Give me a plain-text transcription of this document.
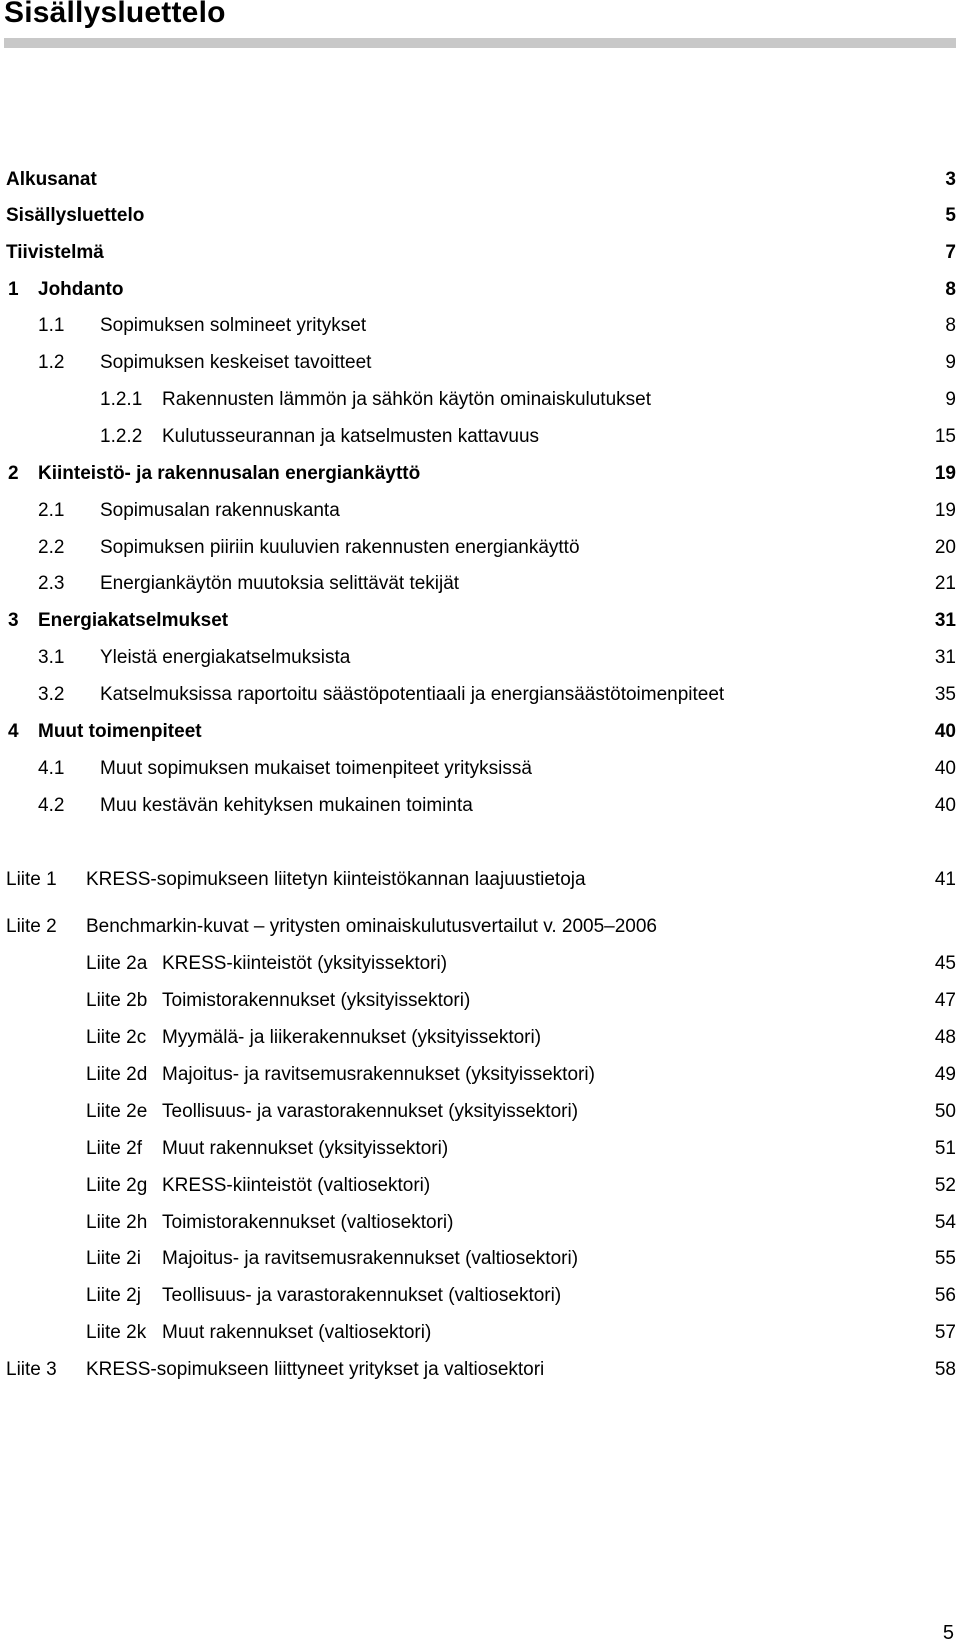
Sisällysluettelo
Alkusanat	3
Sisällysluettelo	5
Tiivistelmä	7
1 Johdanto	8
1.1 Sopimuksen solmineet yritykset	8
1.2 Sopimuksen keskeiset tavoitteet	9
1.2.1 Rakennusten lämmön ja sähkön käytön ominaiskulutukset	9
1.2.2 Kulutusseurannan ja katselmusten kattavuus	15
2 Kiinteistö- ja rakennusalan energiankäyttö	19
2.1 Sopimusalan rakennuskanta	19
2.2 Sopimuksen piiriin kuuluvien rakennusten energiankäyttö	20
2.3 Energiankäytön muutoksia selittävät tekijät	21
3 Energiakatselmukset	31
3.1 Yleistä energiakatselmuksista	31
3.2 Katselmuksissa raportoitu säästöpotentiaali ja energiansäästötoimenpiteet	35
4 Muut toimenpiteet	40
4.1 Muut sopimuksen mukaiset toimenpiteet yrityksissä	40
4.2 Muu kestävän kehityksen mukainen toiminta	40
Liite 1 KRESS-sopimukseen liitetyn kiinteistökannan laajuustietoja	41
Liite 2 Benchmarkin-kuvat – yritysten ominaiskulutusvertailut v. 2005–2006
Liite 2a KRESS-kiinteistöt (yksityissektori)	45
Liite 2b Toimistorakennukset (yksityissektori)	47
Liite 2c Myymälä- ja liikerakennukset (yksityissektori)	48
Liite 2d Majoitus- ja ravitsemusrakennukset (yksityissektori)	49
Liite 2e Teollisuus- ja varastorakennukset (yksityissektori)	50
Liite 2f Muut rakennukset (yksityissektori)	51
Liite 2g KRESS-kiinteistöt (valtiosektori)	52
Liite 2h Toimistorakennukset (valtiosektori)	54
Liite 2i Majoitus- ja ravitsemusrakennukset (valtiosektori)	55
Liite 2j Teollisuus- ja varastorakennukset (valtiosektori)	56
Liite 2k Muut rakennukset (valtiosektori)	57
Liite 3 KRESS-sopimukseen liittyneet yritykset ja valtiosektori	58
5
